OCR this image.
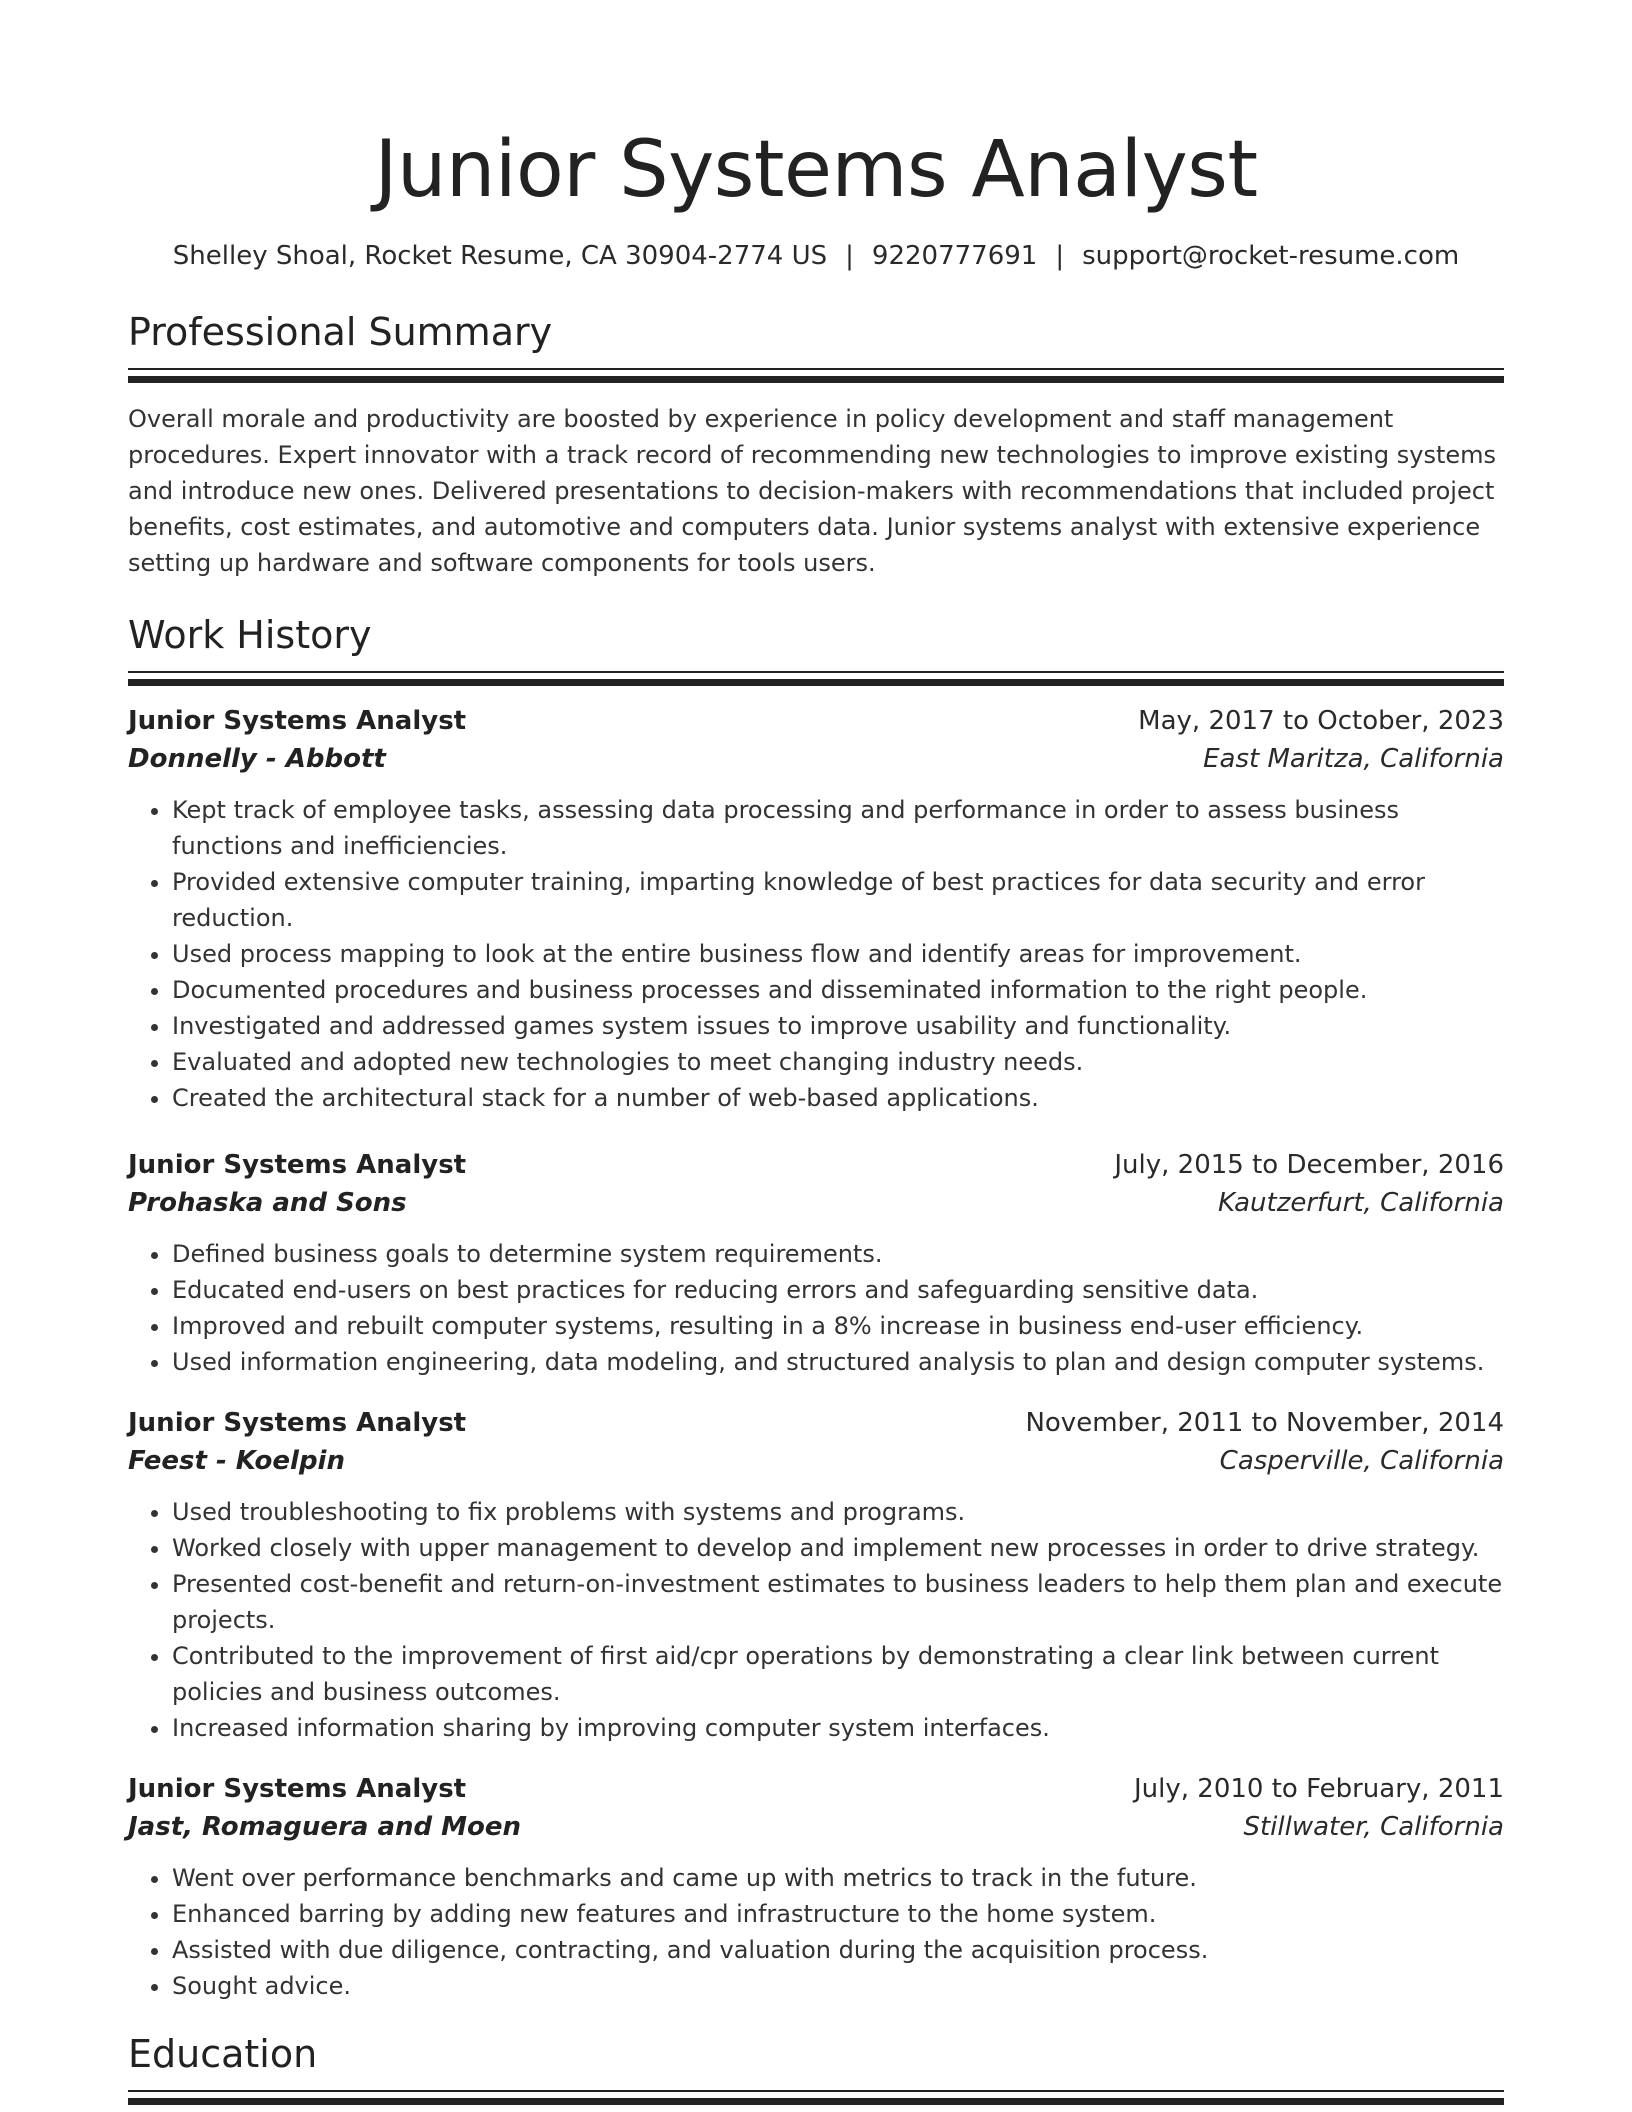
Junior Systems Analyst
Shelley Shoal, Rocket Resume, CA 30904-2774 US | 9220777691 | support@rocket-resume.com
Professional Summary

Overall morale and productivity are boosted by experience in policy development and staff management procedures. Expert innovator with a track record of recommending new technologies to improve existing systems and introduce new ones. Delivered presentations to decision-makers with recommendations that included project benefits, cost estimates, and automotive and computers data. Junior systems analyst with extensive experience setting up hardware and software components for tools users.

Work History
Junior Systems Analyst	May, 2017 to October, 2023
Donnelly - Abbott	East Maritza, California
• Kept track of employee tasks, assessing data processing and performance in order to assess business functions and inefficiencies.
• Provided extensive computer training, imparting knowledge of best practices for data security and error reduction.
• Used process mapping to look at the entire business flow and identify areas for improvement.
• Documented procedures and business processes and disseminated information to the right people.
• Investigated and addressed games system issues to improve usability and functionality.
• Evaluated and adopted new technologies to meet changing industry needs.
• Created the architectural stack for a number of web-based applications.
Junior Systems Analyst	July, 2015 to December, 2016
Prohaska and Sons	Kautzerfurt, California
• Defined business goals to determine system requirements.
• Educated end-users on best practices for reducing errors and safeguarding sensitive data.
• Improved and rebuilt computer systems, resulting in a 8% increase in business end-user efficiency.
• Used information engineering, data modeling, and structured analysis to plan and design computer systems.
Junior Systems Analyst	November, 2011 to November, 2014
Feest - Koelpin	Casperville, California
• Used troubleshooting to fix problems with systems and programs.
• Worked closely with upper management to develop and implement new processes in order to drive strategy.
• Presented cost-benefit and return-on-investment estimates to business leaders to help them plan and execute projects.
• Contributed to the improvement of first aid/cpr operations by demonstrating a clear link between current policies and business outcomes.
• Increased information sharing by improving computer system interfaces.
Junior Systems Analyst	July, 2010 to February, 2011
Jast, Romaguera and Moen	Stillwater, California
• Went over performance benchmarks and came up with metrics to track in the future.
• Enhanced barring by adding new features and infrastructure to the home system.
• Assisted with due diligence, contracting, and valuation during the acquisition process.
• Sought advice.
Education
